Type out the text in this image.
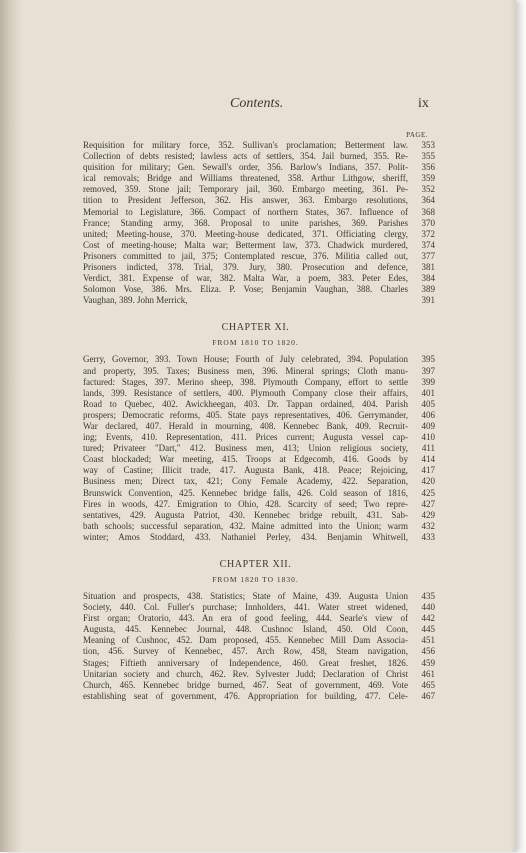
Contents.	ix
PAGE.
Requisition for military force, 352. Sullivan's proclamation; Betterment law.	353
Collection of debts resisted; lawless acts of settlers, 354. Jail burned, 355. Re-	355
quisition for military; Gen. Sewall's order, 356. Barlow's Indians, 357. Polit-	356
ical removals; Bridge and Williams threatened, 358. Arthur Lithgow, sheriff,	359
removed, 359. Stone jail; Temporary jail, 360. Embargo meeting, 361. Pe-	352
tition to President Jefferson, 362. His answer, 363. Embargo resolutions,	364
Memorial to Legislature, 366. Compact of northern States, 367. Influence of	368
France; Standing army, 368. Proposal to unite parishes, 369. Parishes	370
united; Meeting-house, 370. Meeting-house dedicated, 371. Officiating clergy,	372
Cost of meeting-house; Malta war; Betterment law, 373. Chadwick murdered,	374
Prisoners committed to jail, 375; Contemplated rescue, 376. Militia called out,	377
Prisoners indicted, 378. Trial, 379. Jury, 380. Prosecution and defence,	381
Verdict, 381. Expense of war, 382. Malta War, a poem, 383. Peter Edes,	384
Solomon Vose, 386. Mrs. Eliza. P. Vose; Benjamin Vaughan, 388. Charles	389
Vaughan, 389. John Merrick,	391
CHAPTER XI.
FROM 1810 TO 1820.
Gerry, Governor, 393. Town House; Fourth of July celebrated, 394. Population	395
and property, 395. Taxes; Business men, 396. Mineral springs; Cloth manu-	397
factured: Stages, 397. Merino sheep, 398. Plymouth Company, effort to settle	399
lands, 399. Resistance of settlers, 400. Plymouth Company close their affairs,	401
Road to Quebec, 402. Awickheegan, 403. Dr. Tappan ordained, 404. Parish	405
prospers; Democratic reforms, 405. State pays representatives, 406. Gerrymander,	406
War declared, 407. Herald in mourning, 408. Kennebec Bank, 409. Recruit-	409
ing; Events, 410. Representation, 411. Prices current; Augusta vessel cap-	410
tured; Privateer "Dart," 412. Business men, 413; Union religious society,	411
Coast blockaded; War meeting, 415. Troops at Edgecomb, 416. Goods by	414
way of Castine; Illicit trade, 417. Augusta Bank, 418. Peace; Rejoicing,	417
Business men; Direct tax, 421; Cony Female Academy, 422. Separation,	420
Brunswick Convention, 425. Kennebec bridge falls, 426. Cold season of 1816,	425
Fires in woods, 427. Emigration to Ohio, 428. Scarcity of seed; Two repre-	427
sentatives, 429. Augusta Patriot, 430. Kennebec bridge rebuilt, 431. Sab-	429
bath schools; successful separation, 432. Maine admitted into the Union; warm	432
winter; Amos Stoddard, 433. Nathaniel Perley, 434. Benjamin Whitwell,	433
CHAPTER XII.
FROM 1820 TO 1830.
Situation and prospects, 438. Statistics; State of Maine, 439. Augusta Union	435
Society, 440. Col. Fuller's purchase; Innholders, 441. Water street widened,	440
First organ; Oratorio, 443. An era of good feeling, 444. Searle's view of	442
Augusta, 445. Kennebec Journal, 448. Cushnoc Island, 450. Old Coon,	445
Meaning of Cushnoc, 452. Dam proposed, 455. Kennebec Mill Dam Associa-	451
tion, 456. Survey of Kennebec, 457. Arch Row, 458, Steam navigation,	456
Stages; Fiftieth anniversary of Independence, 460. Great freshet, 1826.	459
Unitarian society and church, 462. Rev. Sylvester Judd; Declaration of Christ	461
Church, 465. Kennebec bridge burned, 467. Seat of government, 469. Vote	465
establishing seat of government, 476. Appropriation for building, 477. Cele-	467
